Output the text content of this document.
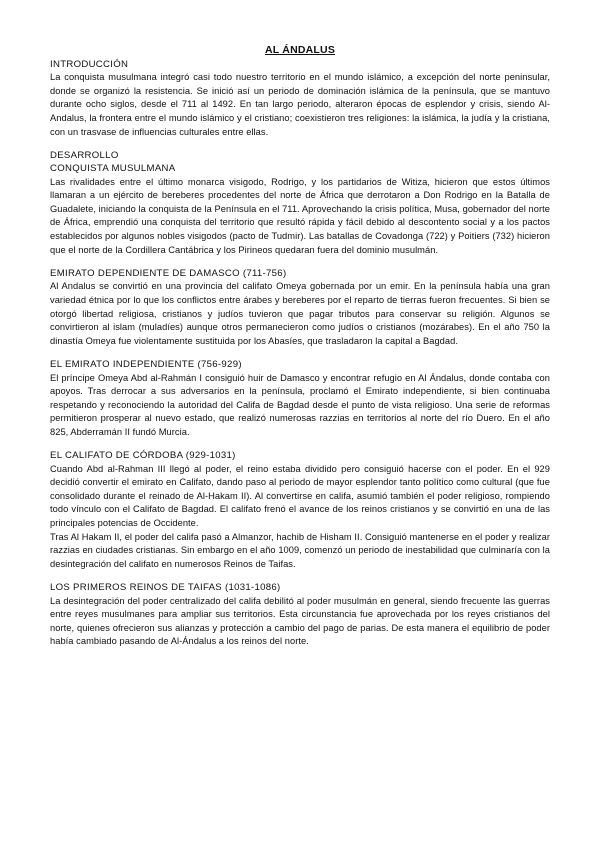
AL ÁNDALUS

INTRODUCCIÓN

La conquista musulmana integró casi todo nuestro territorio en el mundo islámico, a excepción del norte peninsular, donde se organizó la resistencia. Se inició así un periodo de dominación islámica de la península, que se mantuvo durante ocho siglos, desde el 711 al 1492. En tan largo periodo, alteraron épocas de esplendor y crisis, siendo Al-Andalus, la frontera entre el mundo islámico y el cristiano; coexistieron tres religiones: la islámica, la judía y la cristiana, con un trasvase de influencias culturales entre ellas.

DESARROLLO

CONQUISTA MUSULMANA

Las rivalidades entre el último monarca visigodo, Rodrigo, y los partidarios de Witiza, hicieron que estos últimos llamaran a un ejército de bereberes procedentes del norte de África que derrotaron a Don Rodrigo en la Batalla de Guadalete, iniciando la conquista de la Península en el 711. Aprovechando la crisis política, Musa, gobernador del norte de África, emprendió una conquista del territorio que resultó rápida y fácil debido al descontento social y a los pactos establecidos por algunos nobles visigodos (pacto de Tudmir). Las batallas de Covadonga (722) y Poitiers (732) hicieron que el norte de la Cordillera Cantábrica y los Pirineos quedaran fuera del dominio musulmán.

EMIRATO DEPENDIENTE DE DAMASCO (711-756)

Al Andalus se convirtió en una provincia del califato Omeya gobernada por un emir. En la península había una gran variedad étnica por lo que los conflictos entre árabes y bereberes por el reparto de tierras fueron frecuentes. Si bien se otorgó libertad religiosa, cristianos y judíos tuvieron que pagar tributos para conservar su religión. Algunos se convirtieron al islam (muladíes) aunque otros permanecieron como judíos o cristianos (mozárabes). En el año 750 la dinastía Omeya fue violentamente sustituida por los Abasíes, que trasladaron la capital a Bagdad.

EL EMIRATO INDEPENDIENTE (756-929)

El príncipe Omeya Abd al-Rahmán I consiguió huir de Damasco y encontrar refugio en Al Ándalus, donde contaba con apoyos. Tras derrocar a sus adversarios en la península, proclamó el Emirato independiente, si bien continuaba respetando y reconociendo la autoridad del Califa de Bagdad desde el punto de vista religioso. Una serie de reformas permitieron prosperar al nuevo estado, que realizó numerosas razzias en territorios al norte del río Duero. En el año 825, Abderramán II fundó Murcia.

EL CALIFATO DE CÓRDOBA (929-1031)

Cuando Abd al-Rahman III llegó al poder, el reino estaba dividido pero consiguió hacerse con el poder. En el 929 decidió convertir el emirato en Califato, dando paso al periodo de mayor esplendor tanto político como cultural (que fue consolidado durante el reinado de Al-Hakam II). Al convertirse en califa, asumió también el poder religioso, rompiendo todo vínculo con el Califato de Bagdad. El califato frenó el avance de los reinos cristianos y se convirtió en una de las principales potencias de Occidente.

Tras Al Hakam II, el poder del califa pasó a Almanzor, hachib de Hisham II. Consiguió mantenerse en el poder y realizar razzias en ciudades cristianas. Sin embargo en el año 1009, comenzó un periodo de inestabilidad que culminaría con la desintegración del califato en numerosos Reinos de Taifas.

LOS PRIMEROS REINOS DE TAIFAS (1031-1086)

La desintegración del poder centralizado del califa debilitó al poder musulmán en general, siendo frecuente las guerras entre reyes musulmanes para ampliar sus territorios. Esta circunstancia fue aprovechada por los reyes cristianos del norte, quienes ofrecieron sus alianzas y protección a cambio del pago de parias. De esta manera el equilibrio de poder había cambiado pasando de Al-Ándalus a los reinos del norte.
